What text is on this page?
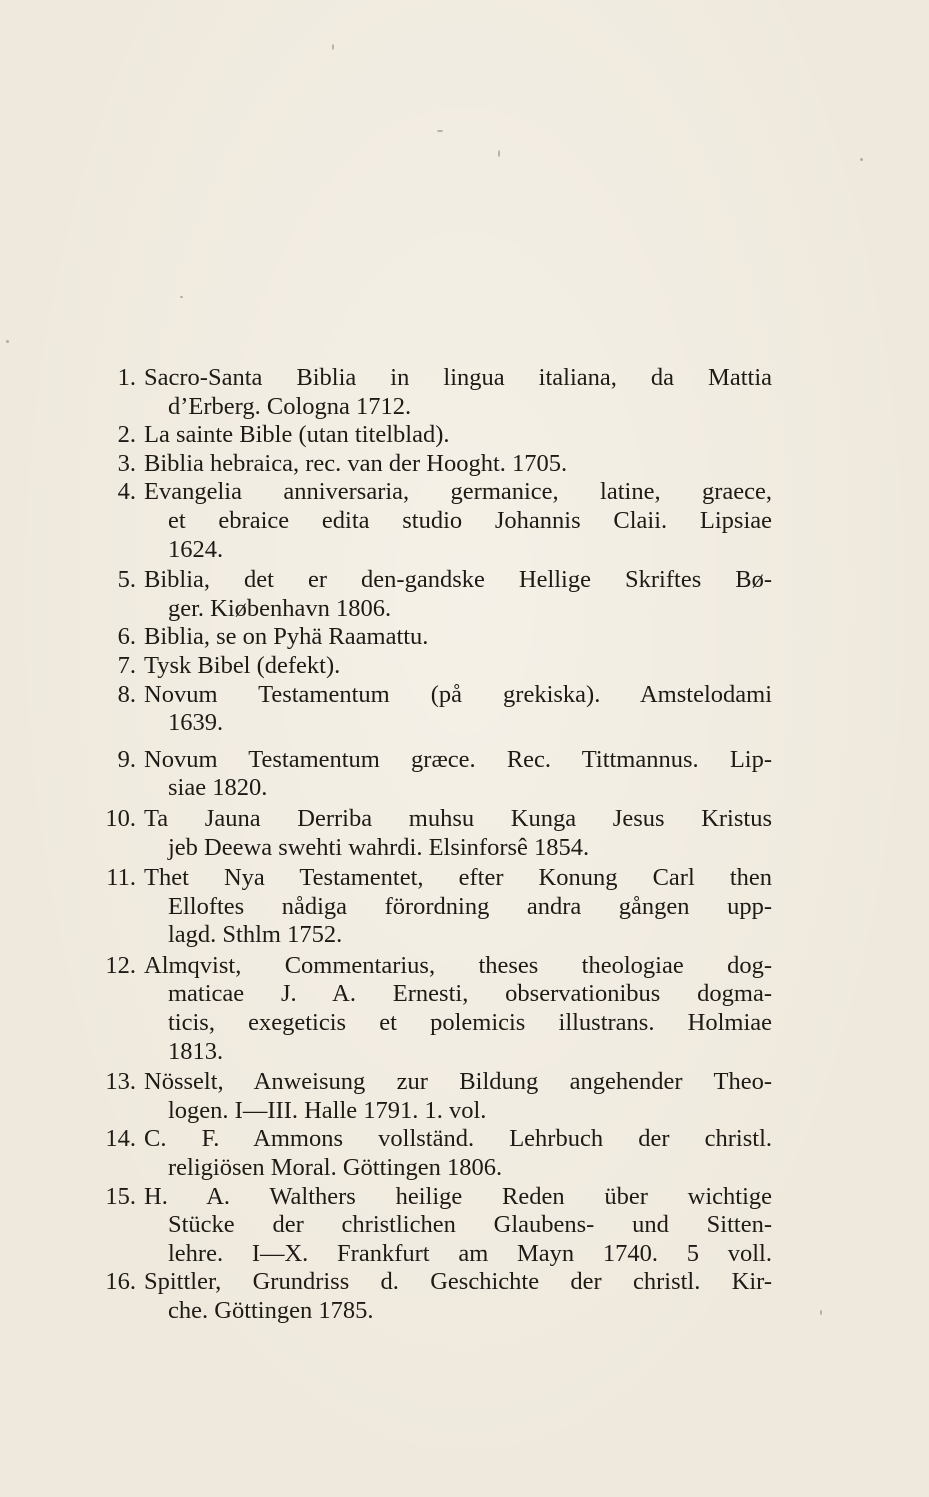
1. Sacro-Santa Biblia in lingua italiana, da Mattia
d’Erberg. Cologna 1712.
2. La sainte Bible (utan titelblad).
3. Biblia hebraica, rec. van der Hooght. 1705.
4. Evangelia anniversaria, germanice, latine, graece,
et ebraice edita studio Johannis Claii. Lipsiae
1624.
5. Biblia, det er den-gandske Hellige Skriftes Bø-
ger. Kiøbenhavn 1806.
6. Biblia, se on Pyhä Raamattu.
7. Tysk Bibel (defekt).
8. Novum Testamentum (på grekiska). Amstelodami
1639.
9. Novum Testamentum græce. Rec. Tittmannus. Lip-
siae 1820.
10. Ta Jauna Derriba muhsu Kunga Jesus Kristus
jeb Deewa swehti wahrdi. Elsinforsê 1854.
11. Thet Nya Testamentet, efter Konung Carl then
Elloftes nådiga förordning andra gången upp-
lagd. Sthlm 1752.
12. Almqvist, Commentarius, theses theologiae dog-
maticae J. A. Ernesti, observationibus dogma-
ticis, exegeticis et polemicis illustrans. Holmiae
1813.
13. Nösselt, Anweisung zur Bildung angehender Theo-
logen. I—III. Halle 1791. 1. vol.
14. C. F. Ammons vollständ. Lehrbuch der christl.
religiösen Moral. Göttingen 1806.
15. H. A. Walthers heilige Reden über wichtige
Stücke der christlichen Glaubens- und Sitten-
lehre. I—X. Frankfurt am Mayn 1740. 5 voll.
16. Spittler, Grundriss d. Geschichte der christl. Kir-
che. Göttingen 1785.
